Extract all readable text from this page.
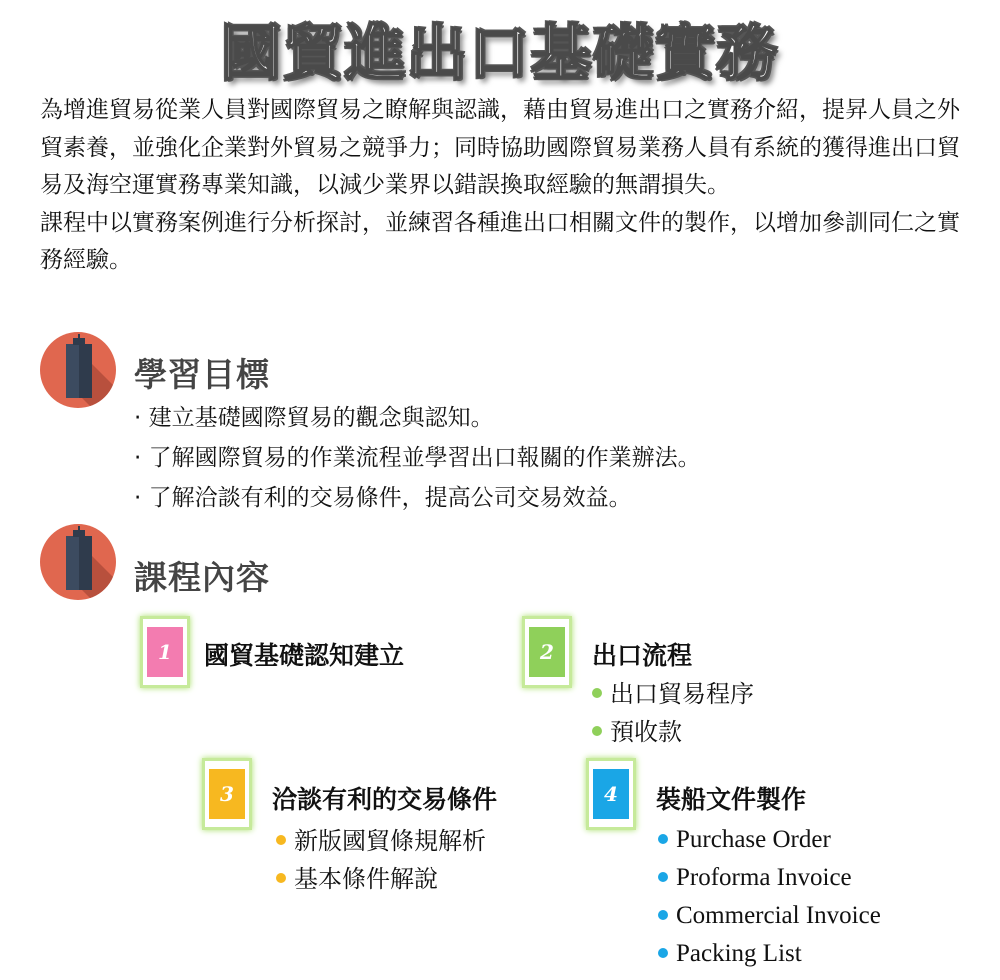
國貿進出口基礎實務

為增進貿易從業人員對國際貿易之瞭解與認識，藉由貿易進出口之實務介紹，提昇人員之外貿素養，並強化企業對外貿易之競爭力；同時協助國際貿易業務人員有系統的獲得進出口貿易及海空運實務專業知識，以減少業界以錯誤換取經驗的無謂損失。

課程中以實務案例進行分析探討，並練習各種進出口相關文件的製作，以增加參訓同仁之實務經驗。

學習目標
· 建立基礎國際貿易的觀念與認知。
· 了解國際貿易的作業流程並學習出口報關的作業辦法。
· 了解洽談有利的交易條件，提高公司交易效益。
課程內容
1	國貿基礎認知建立	2	出口流程
出口貿易程序
預收款
3	洽談有利的交易條件
新版國貿條規解析
基本條件解說
4	裝船文件製作
Purchase Order
Proforma Invoice
Commercial Invoice
Packing List
